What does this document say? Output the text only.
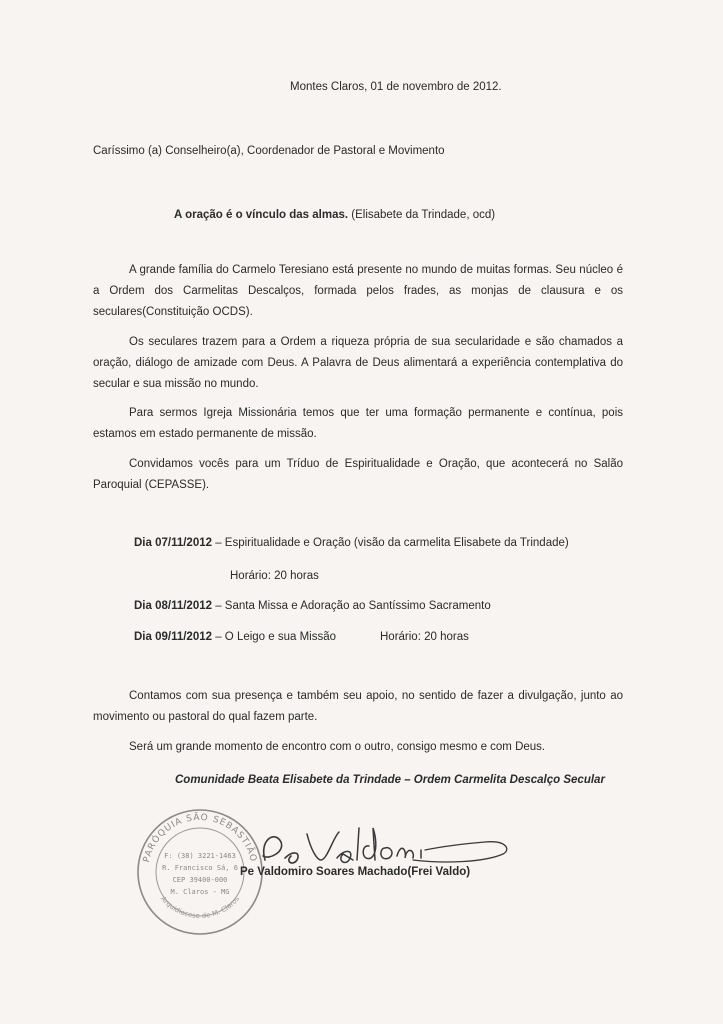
Montes Claros, 01 de novembro de 2012.
Caríssimo (a) Conselheiro(a), Coordenador de Pastoral e Movimento
A oração é o vínculo das almas. (Elisabete da Trindade, ocd)
A grande família do Carmelo Teresiano está presente no mundo de muitas formas. Seu núcleo é a Ordem dos Carmelitas Descalços, formada pelos frades, as monjas de clausura e os seculares(Constituição OCDS).
Os seculares trazem para a Ordem a riqueza própria de sua secularidade e são chamados a oração, diálogo de amizade com Deus. A Palavra de Deus alimentará a experiência contemplativa do secular e sua missão no mundo.
Para sermos Igreja Missionária temos que ter uma formação permanente e contínua, pois estamos em estado permanente de missão.
Convidamos vocês para um Tríduo de Espiritualidade e Oração, que acontecerá no Salão Paroquial (CEPASSE).
Dia 07/11/2012 – Espiritualidade e Oração (visão da carmelita Elisabete da Trindade)
Horário: 20 horas
Dia 08/11/2012 – Santa Missa e Adoração ao Santíssimo Sacramento
Dia 09/11/2012 – O Leigo e sua Missão	Horário: 20 horas
Contamos com sua presença e também seu apoio, no sentido de fazer a divulgação, junto ao movimento ou pastoral do qual fazem parte.
Será um grande momento de encontro com o outro, consigo mesmo e com Deus.
Comunidade Beata Elisabete da Trindade – Ordem Carmelita Descalço Secular
PARÓQUIA SÃO SEBASTIÃO
Arquidiocese de M. Claros
F: (38) 3221-1463
R. Francisco Sá, 6
CEP 39400-000
M. Claros - MG
Pe Valdomiro Soares Machado(Frei Valdo)
